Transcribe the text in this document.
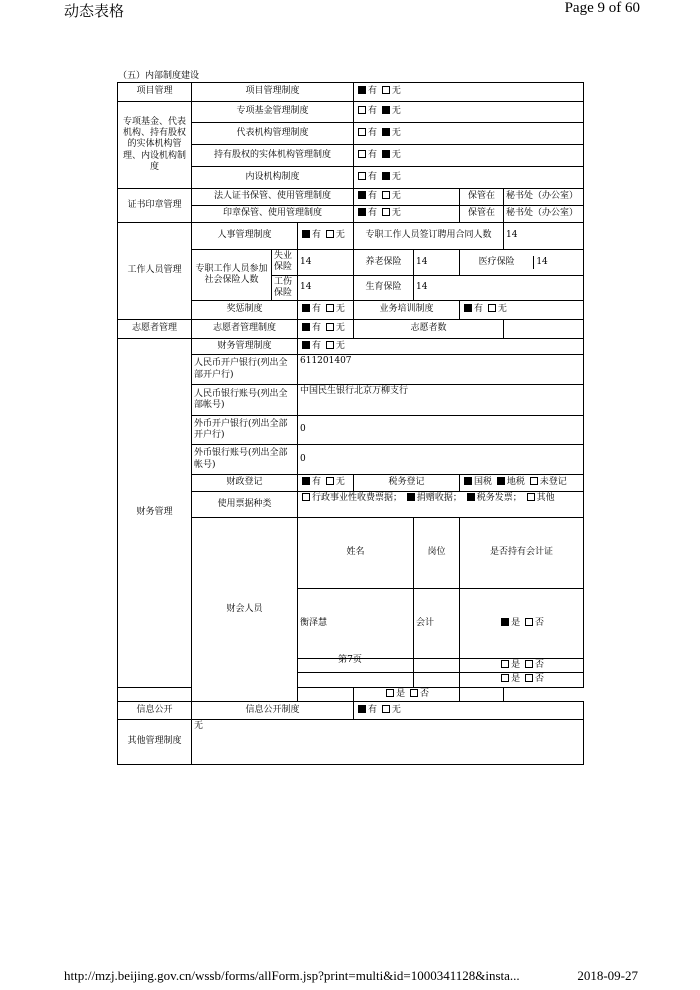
动态表格	Page 9 of 60
（五）内部制度建设
项目管理	项目管理制度	有 无
专项基金、代表机构、持有股权的实体机构管理、内设机构制度	专项基金管理制度	有 无
代表机构管理制度	有 无
持有股权的实体机构管理制度	有 无
内设机构制度	有 无
证书印章管理	法人证书保管、使用管理制度	有 无	保管在	秘书处（办公室）
印章保管、使用管理制度	有 无	保管在	秘书处（办公室）
工作人员管理	人事管理制度	有 无	专职工作人员签订聘用合同人数	14
专职工作人员参加社会保险人数	失业保险	14	养老保险	14		医疗保险	14

工伤保险	14	生育保险	14
奖惩制度	有 无	业务培训制度	有 无
志愿者管理	志愿者管理制度	有 无	志愿者数	
财务管理	财务管理制度	有 无	
人民币开户银行(列出全部开户行)	611201407
人民币银行账号(列出全部帐号)	中国民生银行北京万柳支行
外币开户银行(列出全部开户行)	0
外币银行账号(列出全部帐号)	0
财政登记	有 无	税务登记	国税 地税 未登记
使用票据种类	行政事业性收费票据； 捐赠收据； 税务发票； 其他
财会人员	姓名	岗位	是否持有会计证	
衡泽慧	会计	是 否	
		是 否	
		是 否	
		是 否	
信息公开	信息公开制度	有 无
其他管理制度	无
第7页
http://mzj.beijing.gov.cn/wssb/forms/allForm.jsp?print=multi&id=1000341128&insta...	2018-09-27
